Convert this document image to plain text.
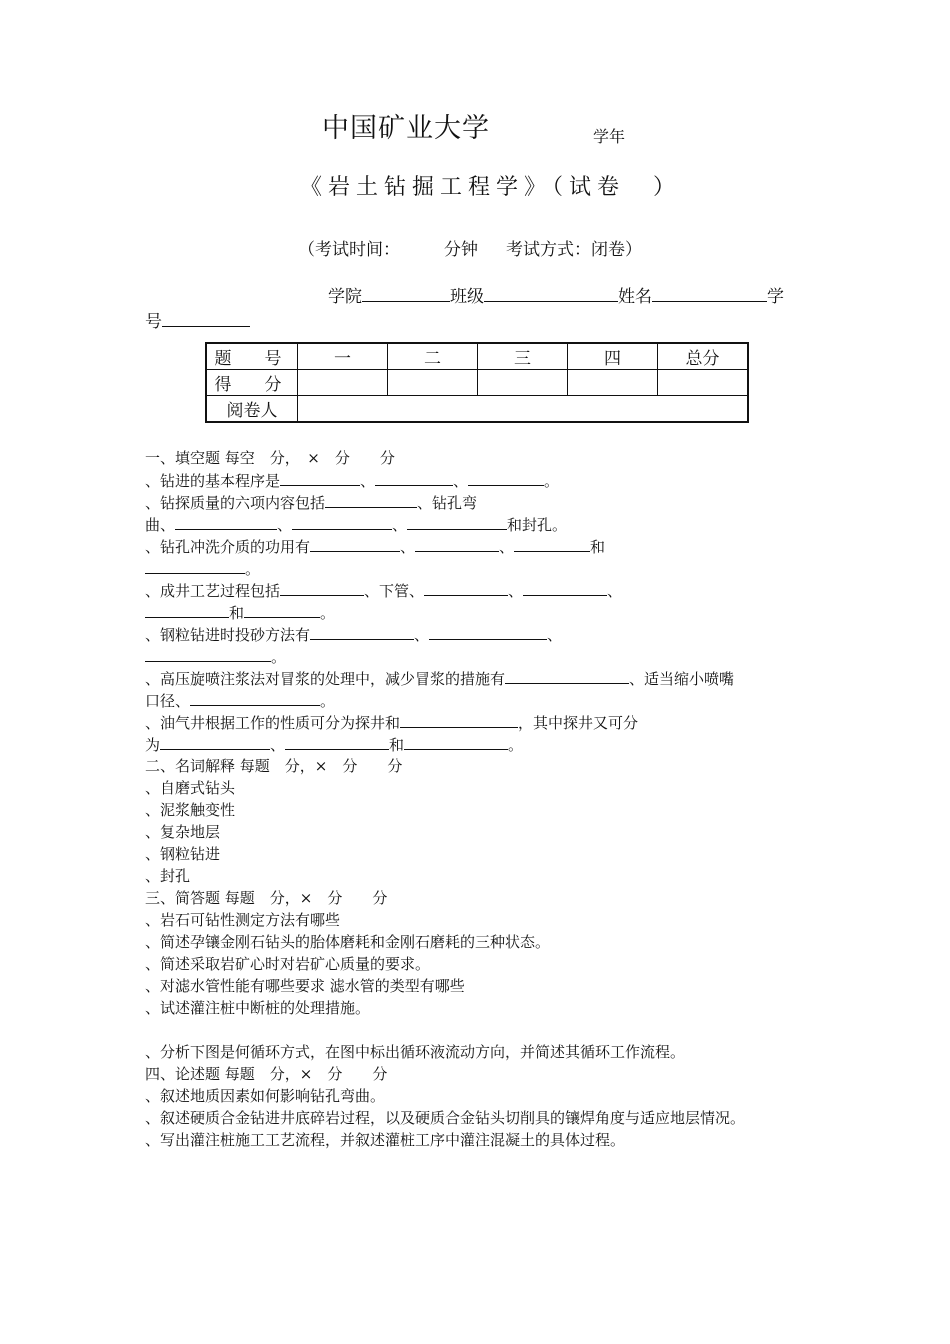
中国矿业大学	学年
《岩土钻掘工程学》（试卷　）
（考试时间：	分钟 考试方式：闭卷）
学院	班级	姓名	学
号
题　号	一	二	三	四	总分
得　分					
阅卷人					
一、填空题 每空　分，　×　分　　分
、钻进的基本程序是	、	、	。
、钻探质量的六项内容包括	、钻孔弯
曲、	、	、	和封孔。
、钻孔冲洗介质的功用有	、	、	和
。
、成井工艺过程包括	、下管、	、	、
和	。
、钢粒钻进时投砂方法有	、	、
。
、高压旋喷注浆法对冒浆的处理中，减少冒浆的措施有	、适当缩小喷嘴
口径、	。
、油气井根据工作的性质可分为探井和	，其中探井又可分
为	、	和	。
二、名词解释 每题　分，×　分　　分
、自磨式钻头
、泥浆触变性
、复杂地层
、钢粒钻进
、封孔
三、简答题 每题　分，×　分　　分
、岩石可钻性测定方法有哪些
、简述孕镶金刚石钻头的胎体磨耗和金刚石磨耗的三种状态。
、简述采取岩矿心时对岩矿心质量的要求。
、对滤水管性能有哪些要求 滤水管的类型有哪些
、试述灌注桩中断桩的处理措施。
、分析下图是何循环方式，在图中标出循环液流动方向，并简述其循环工作流程。
四、论述题 每题　分，×　分　　分
、叙述地质因素如何影响钻孔弯曲。
、叙述硬质合金钻进井底碎岩过程，以及硬质合金钻头切削具的镶焊角度与适应地层情况。
、写出灌注桩施工工艺流程，并叙述灌桩工序中灌注混凝土的具体过程。
